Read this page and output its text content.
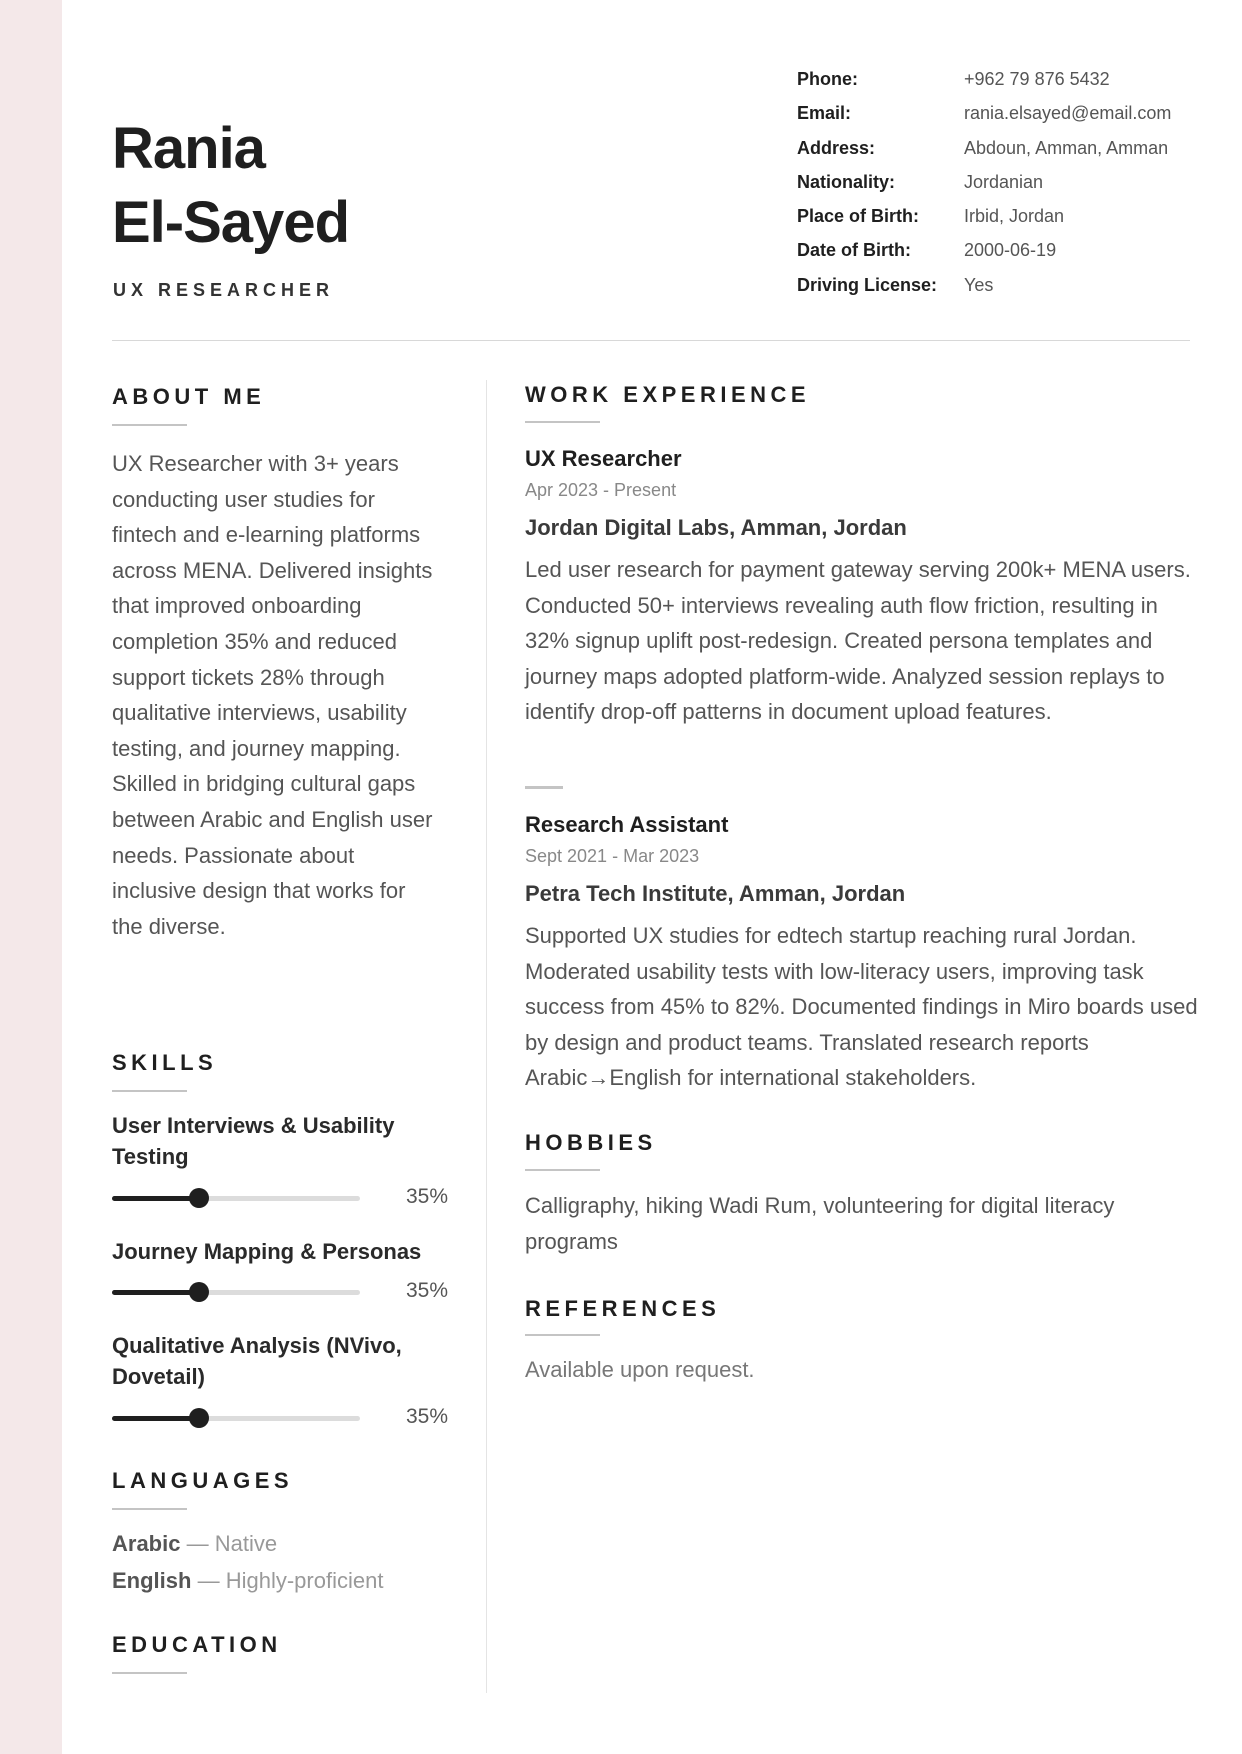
Rania
El-Sayed
UX RESEARCHER
Phone:	+962 79 876 5432
Email:	rania.elsayed@email.com
Address:	Abdoun, Amman, Amman
Nationality:	Jordanian
Place of Birth:	Irbid, Jordan
Date of Birth:	2000-06-19
Driving License:	Yes
ABOUT ME
UX Researcher with 3+ years conducting user studies for fintech and e-learning platforms across MENA. Delivered insights that improved onboarding completion 35% and reduced support tickets 28% through qualitative interviews, usability testing, and journey mapping. Skilled in bridging cultural gaps between Arabic and English user needs. Passionate about inclusive design that works for the diverse.
SKILLS
User Interviews & Usability Testing
35%
Journey Mapping & Personas
35%
Qualitative Analysis (NVivo, Dovetail)
35%
LANGUAGES
Arabic — Native
English — Highly-proficient
EDUCATION
WORK EXPERIENCE
UX Researcher
Apr 2023 - Present
Jordan Digital Labs, Amman, Jordan
Led user research for payment gateway serving 200k+ MENA users. Conducted 50+ interviews revealing auth flow friction, resulting in 32% signup uplift post-redesign. Created persona templates and journey maps adopted platform-wide. Analyzed session replays to identify drop-off patterns in document upload features.
Research Assistant
Sept 2021 - Mar 2023
Petra Tech Institute, Amman, Jordan
Supported UX studies for edtech startup reaching rural Jordan. Moderated usability tests with low-literacy users, improving task success from 45% to 82%. Documented findings in Miro boards used by design and product teams. Translated research reports Arabic→English for international stakeholders.
HOBBIES
Calligraphy, hiking Wadi Rum, volunteering for digital literacy programs
REFERENCES
Available upon request.
